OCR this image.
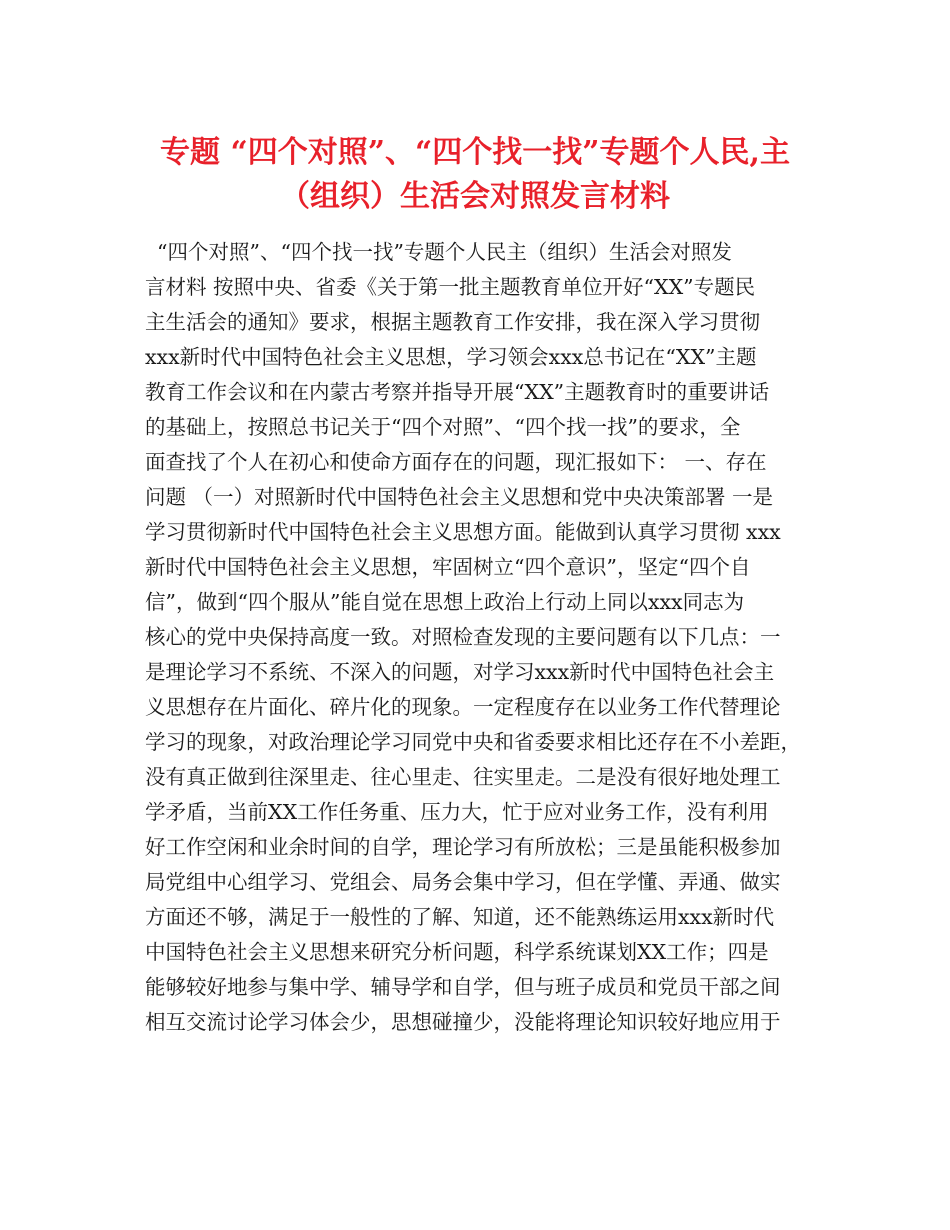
专题 “四个对照”、“四个找一找”专题个人民,主
（组织）生活会对照发言材料
“四个对照”、“四个找一找”专题个人民主（组织）生活会对照发
言材料 按照中央、省委《关于第一批主题教育单位开好“XX”专题民
主生活会的通知》要求，根据主题教育工作安排，我在深入学习贯彻
xxx新时代中国特色社会主义思想，学习领会xxx总书记在“XX”主题
教育工作会议和在内蒙古考察并指导开展“XX”主题教育时的重要讲话
的基础上，按照总书记关于“四个对照”、“四个找一找”的要求，全
面查找了个人在初心和使命方面存在的问题，现汇报如下： 一、存在
问题 （一）对照新时代中国特色社会主义思想和党中央决策部署 一是
学习贯彻新时代中国特色社会主义思想方面。能做到认真学习贯彻 xxx
新时代中国特色社会主义思想，牢固树立“四个意识”，坚定“四个自
信”，做到“四个服从”能自觉在思想上政治上行动上同以xxx同志为
核心的党中央保持高度一致。对照检查发现的主要问题有以下几点：一
是理论学习不系统、不深入的问题，对学习xxx新时代中国特色社会主
义思想存在片面化、碎片化的现象。一定程度存在以业务工作代替理论
学习的现象，对政治理论学习同党中央和省委要求相比还存在不小差距，
没有真正做到往深里走、往心里走、往实里走。二是没有很好地处理工
学矛盾，当前XX工作任务重、压力大，忙于应对业务工作，没有利用
好工作空闲和业余时间的自学，理论学习有所放松；三是虽能积极参加
局党组中心组学习、党组会、局务会集中学习，但在学懂、弄通、做实
方面还不够，满足于一般性的了解、知道，还不能熟练运用xxx新时代
中国特色社会主义思想来研究分析问题，科学系统谋划XX工作；四是
能够较好地参与集中学、辅导学和自学，但与班子成员和党员干部之间
相互交流讨论学习体会少，思想碰撞少，没能将理论知识较好地应用于
